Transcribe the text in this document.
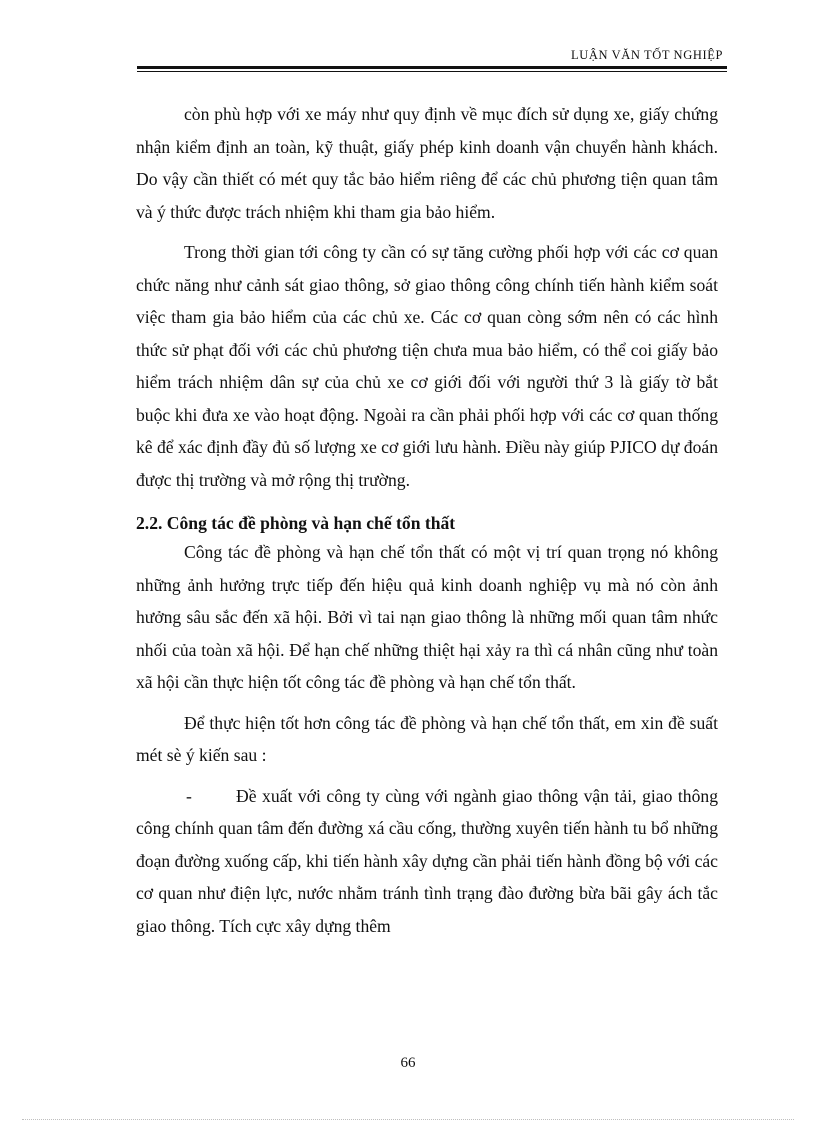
LUẬN VĂN TỐT NGHIỆP

còn phù hợp với xe máy như quy định về mục đích sử dụng xe, giấy chứng nhận kiểm định an toàn, kỹ thuật, giấy phép kinh doanh vận chuyển hành khách. Do vậy cần thiết có mét quy tắc bảo hiểm riêng để các chủ phương tiện quan tâm và ý thức được trách nhiệm khi tham gia bảo hiểm.

Trong thời gian tới công ty cần có sự tăng cường phối hợp với các cơ quan chức năng như cảnh sát giao thông, sở giao thông công chính tiến hành kiểm soát việc tham gia bảo hiểm của các chủ xe. Các cơ quan còng sớm nên có các hình thức sử phạt đối với các chủ phương tiện chưa mua bảo hiểm, có thể coi giấy bảo hiểm trách nhiệm dân sự của chủ xe cơ giới đối với người thứ 3 là giấy tờ bắt buộc khi đưa xe vào hoạt động. Ngoài ra cần phải phối hợp với các cơ quan thống kê để xác định đầy đủ số lượng xe cơ giới lưu hành. Điều này giúp PJICO dự đoán được thị trường và mở rộng thị trường.

2.2. Công tác đề phòng và hạn chế tổn thất

Công tác đề phòng và hạn chế tổn thất có một vị trí quan trọng nó không những ảnh hưởng trực tiếp đến hiệu quả kinh doanh nghiệp vụ mà nó còn ảnh hưởng sâu sắc đến xã hội. Bởi vì tai nạn giao thông là những mối quan tâm nhức nhối của toàn xã hội. Để hạn chế những thiệt hại xảy ra thì cá nhân cũng như toàn xã hội cần thực hiện tốt công tác đề phòng và hạn chế tổn thất.

Để thực hiện tốt hơn công tác đề phòng và hạn chế tổn thất, em xin đề suất mét sè ý kiến sau :

-	Đề xuất với công ty cùng với ngành giao thông vận tải, giao thông công chính quan tâm đến đường xá cầu cống, thường xuyên tiến hành tu bổ những đoạn đường xuống cấp, khi tiến hành xây dựng cần phải tiến hành đồng bộ với các cơ quan như điện lực, nước nhằm tránh tình trạng đào đường bừa bãi gây ách tắc giao thông. Tích cực xây dựng thêm

66
